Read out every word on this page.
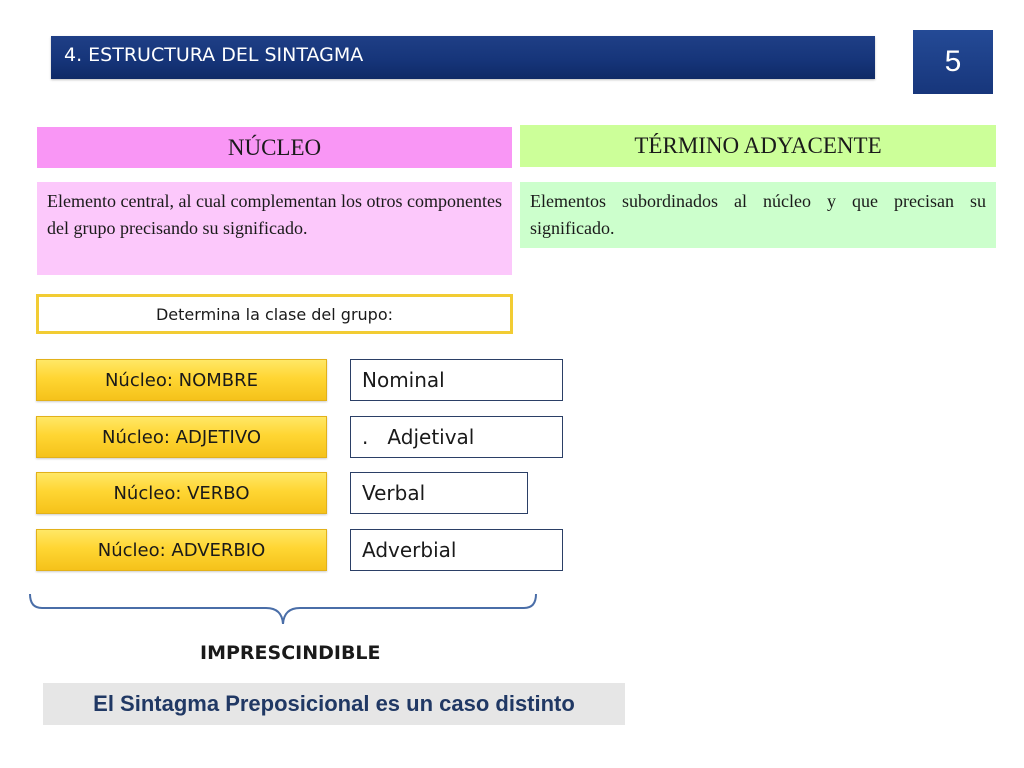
4. ESTRUCTURA DEL SINTAGMA	5
NÚCLEO	TÉRMINO ADYACENTE
Elemento central, al cual complementan los otros componentes del grupo precisando su significado.
Elementos subordinados al núcleo y que precisan su significado.
Determina la clase del grupo:
Núcleo: NOMBRE	Nominal
Núcleo: ADJETIVO	.   Adjetival
Núcleo: VERBO	Verbal
Núcleo: ADVERBIO	Adverbial
IMPRESCINDIBLE
El Sintagma Preposicional es un caso distinto
